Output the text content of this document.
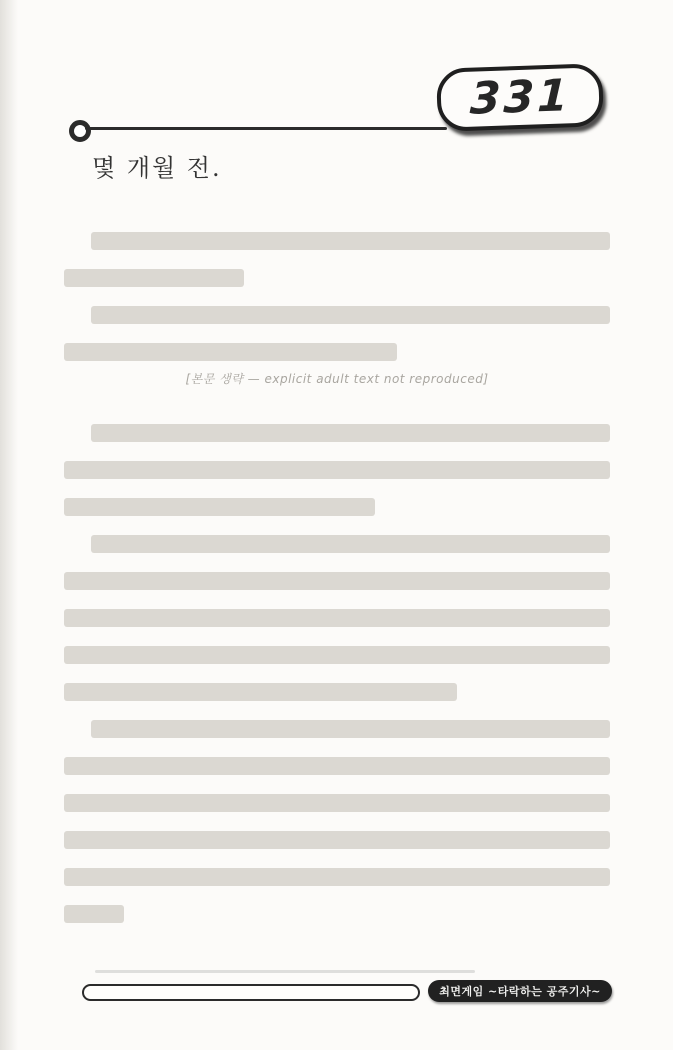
331
몇 개월 전.
[본문 생략 — explicit adult text not reproduced]
최면게임 ~타락하는 공주기사~
